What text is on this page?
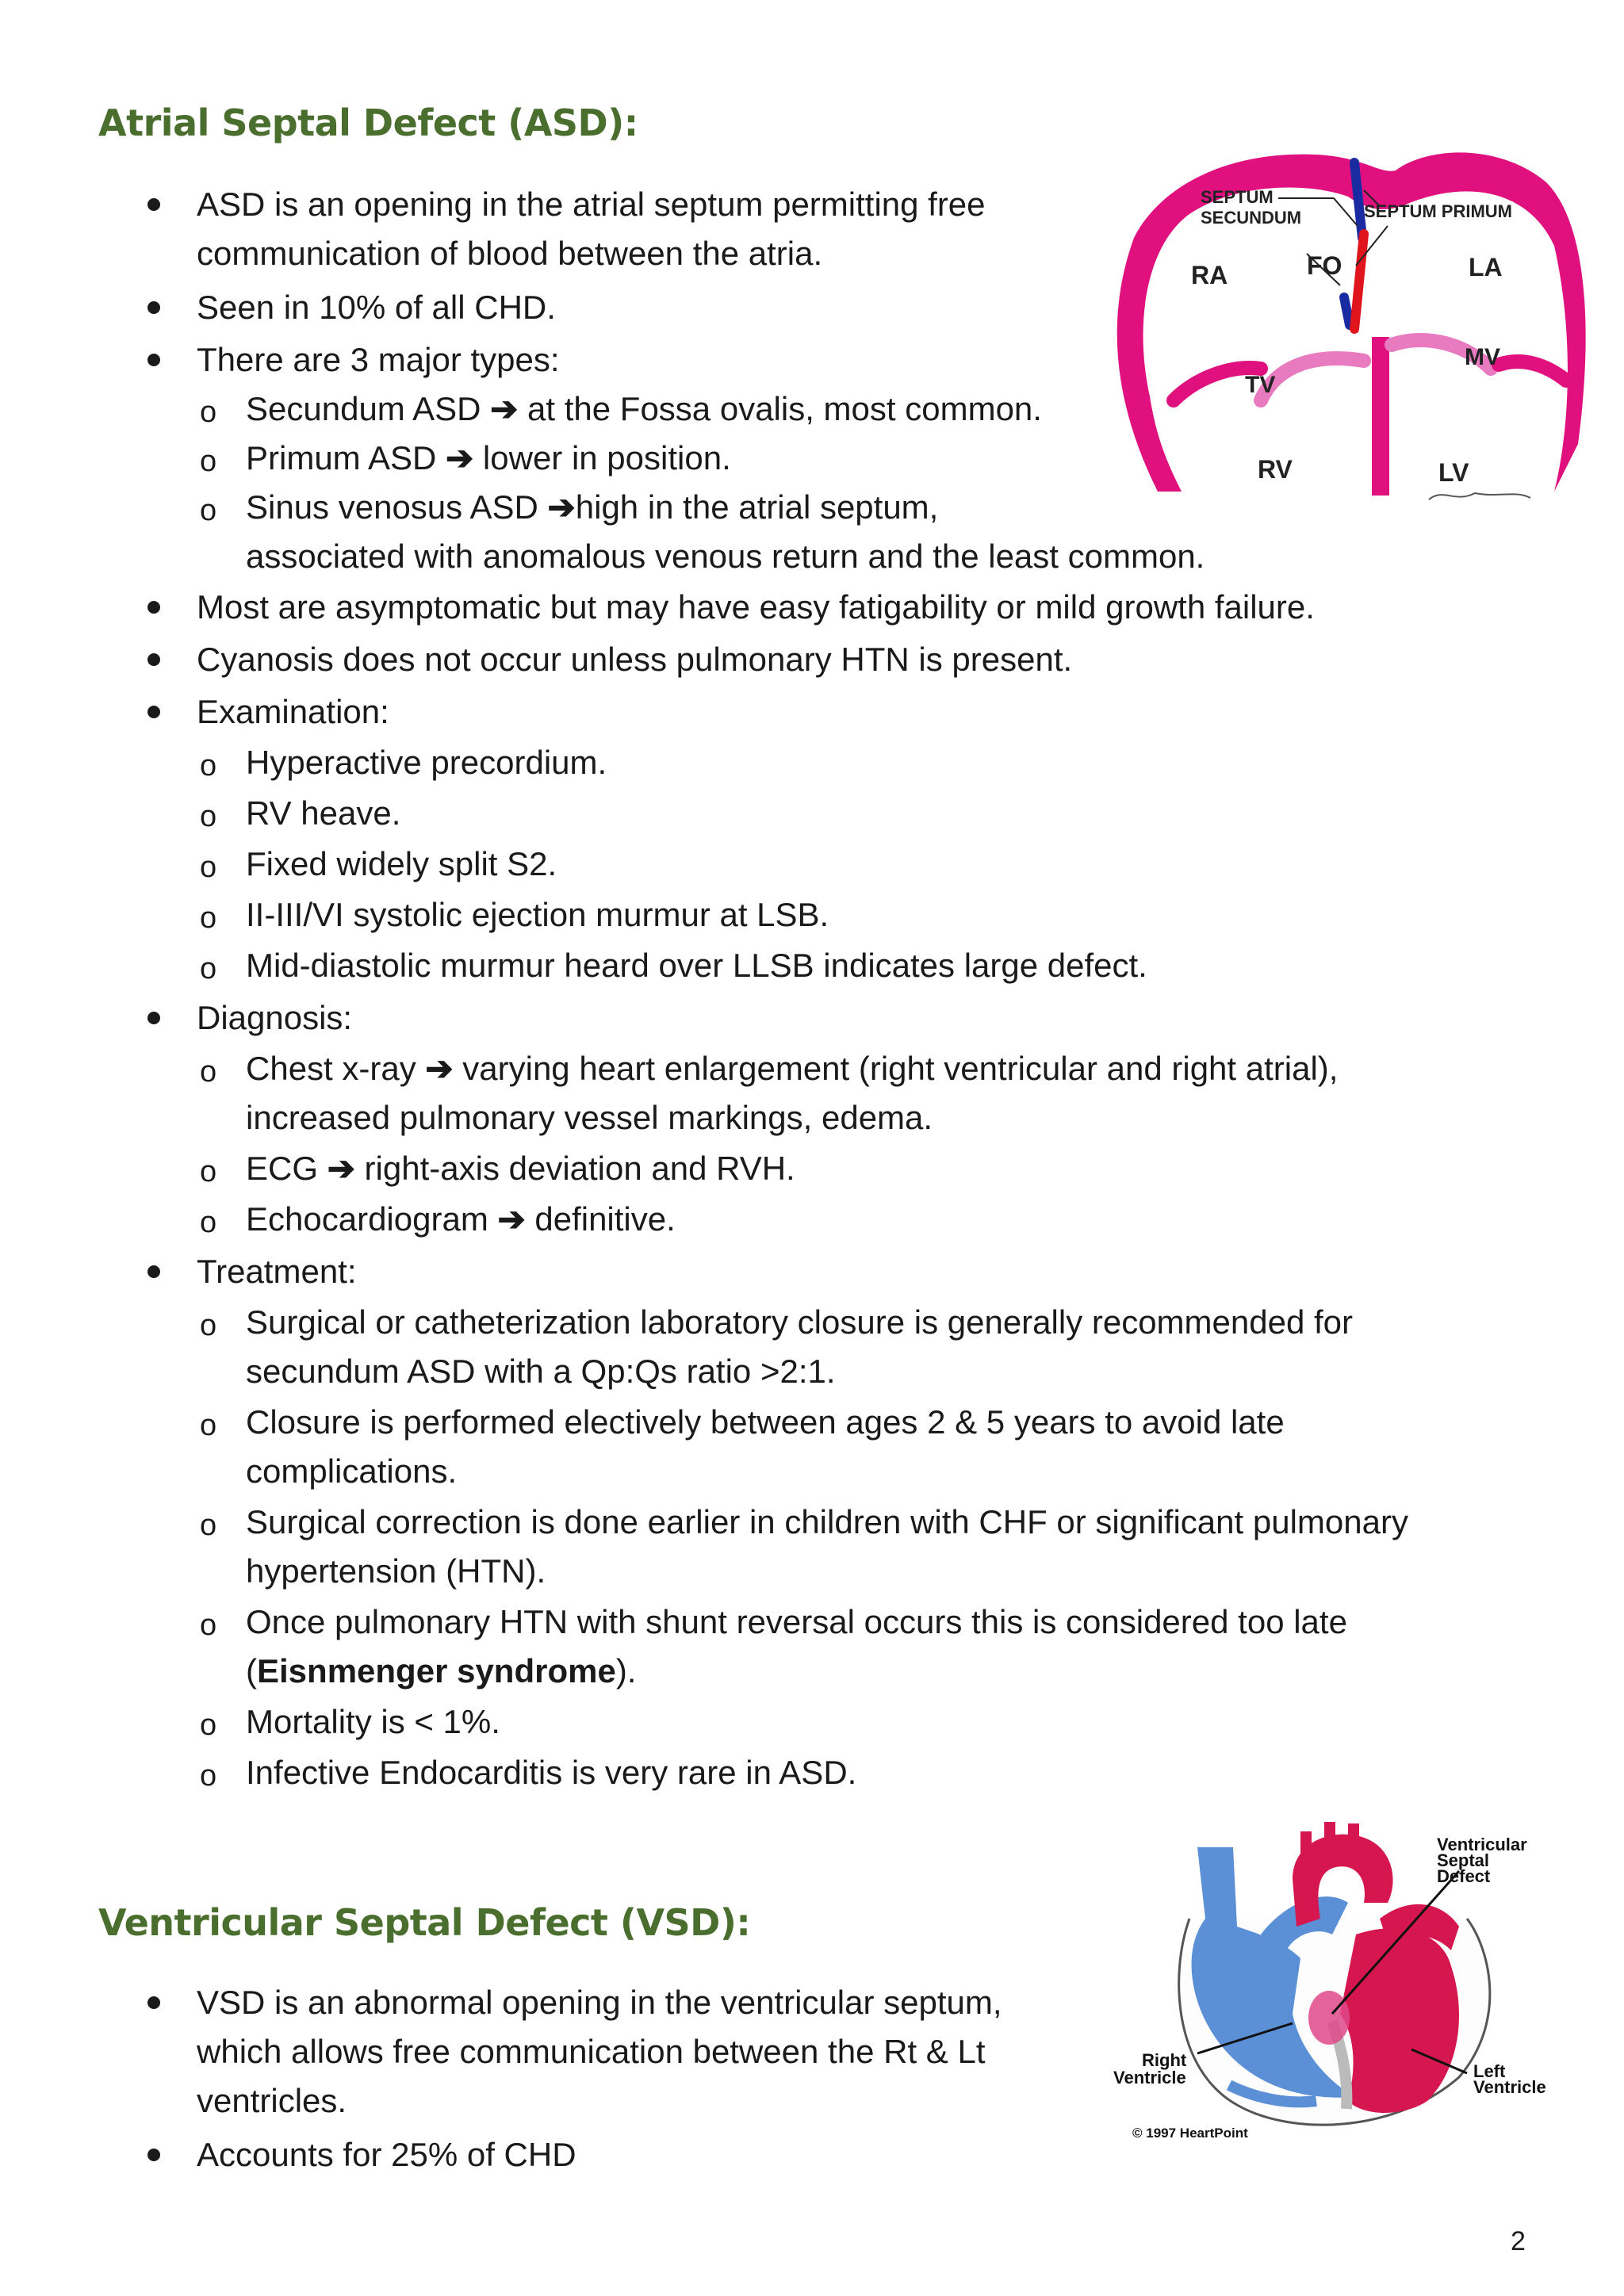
Atrial Septal Defect (ASD):
ASD is an opening in the atrial septum permitting free
communication of blood between the atria.
Seen in 10% of all CHD.
There are 3 major types:
o Secundum ASD ➔ at the Fossa ovalis, most common.
o Primum ASD ➔ lower in position.
o Sinus venosus ASD ➔high in the atrial septum,
associated with anomalous venous return and the least common.
Most are asymptomatic but may have easy fatigability or mild growth failure.
Cyanosis does not occur unless pulmonary HTN is present.
Examination:
o Hyperactive precordium.
o RV heave.
o Fixed widely split S2.
o II-III/VI systolic ejection murmur at LSB.
o Mid-diastolic murmur heard over LLSB indicates large defect.
Diagnosis:
o Chest x-ray ➔ varying heart enlargement (right ventricular and right atrial),
increased pulmonary vessel markings, edema.
o ECG ➔ right-axis deviation and RVH.
o Echocardiogram ➔ definitive.
Treatment:
o Surgical or catheterization laboratory closure is generally recommended for
secundum ASD with a Qp:Qs ratio >2:1.
o Closure is performed electively between ages 2 & 5 years to avoid late
complications.
o Surgical correction is done earlier in children with CHF or significant pulmonary
hypertension (HTN).
o Once pulmonary HTN with shunt reversal occurs this is considered too late
(Eisnmenger syndrome).
o Mortality is < 1%.
o Infective Endocarditis is very rare in ASD.
Ventricular Septal Defect (VSD):
VSD is an abnormal opening in the ventricular septum,
which allows free communication between the Rt & Lt
ventricles.
Accounts for 25% of CHD
2
SEPTUM
SECUNDUM	SEPTUM PRIMUM
RA	LA
FO
TV
MV
RV	LV
Ventricular
Septal
Defect
Right
Ventricle	Left
Ventricle
© 1997 HeartPoint
